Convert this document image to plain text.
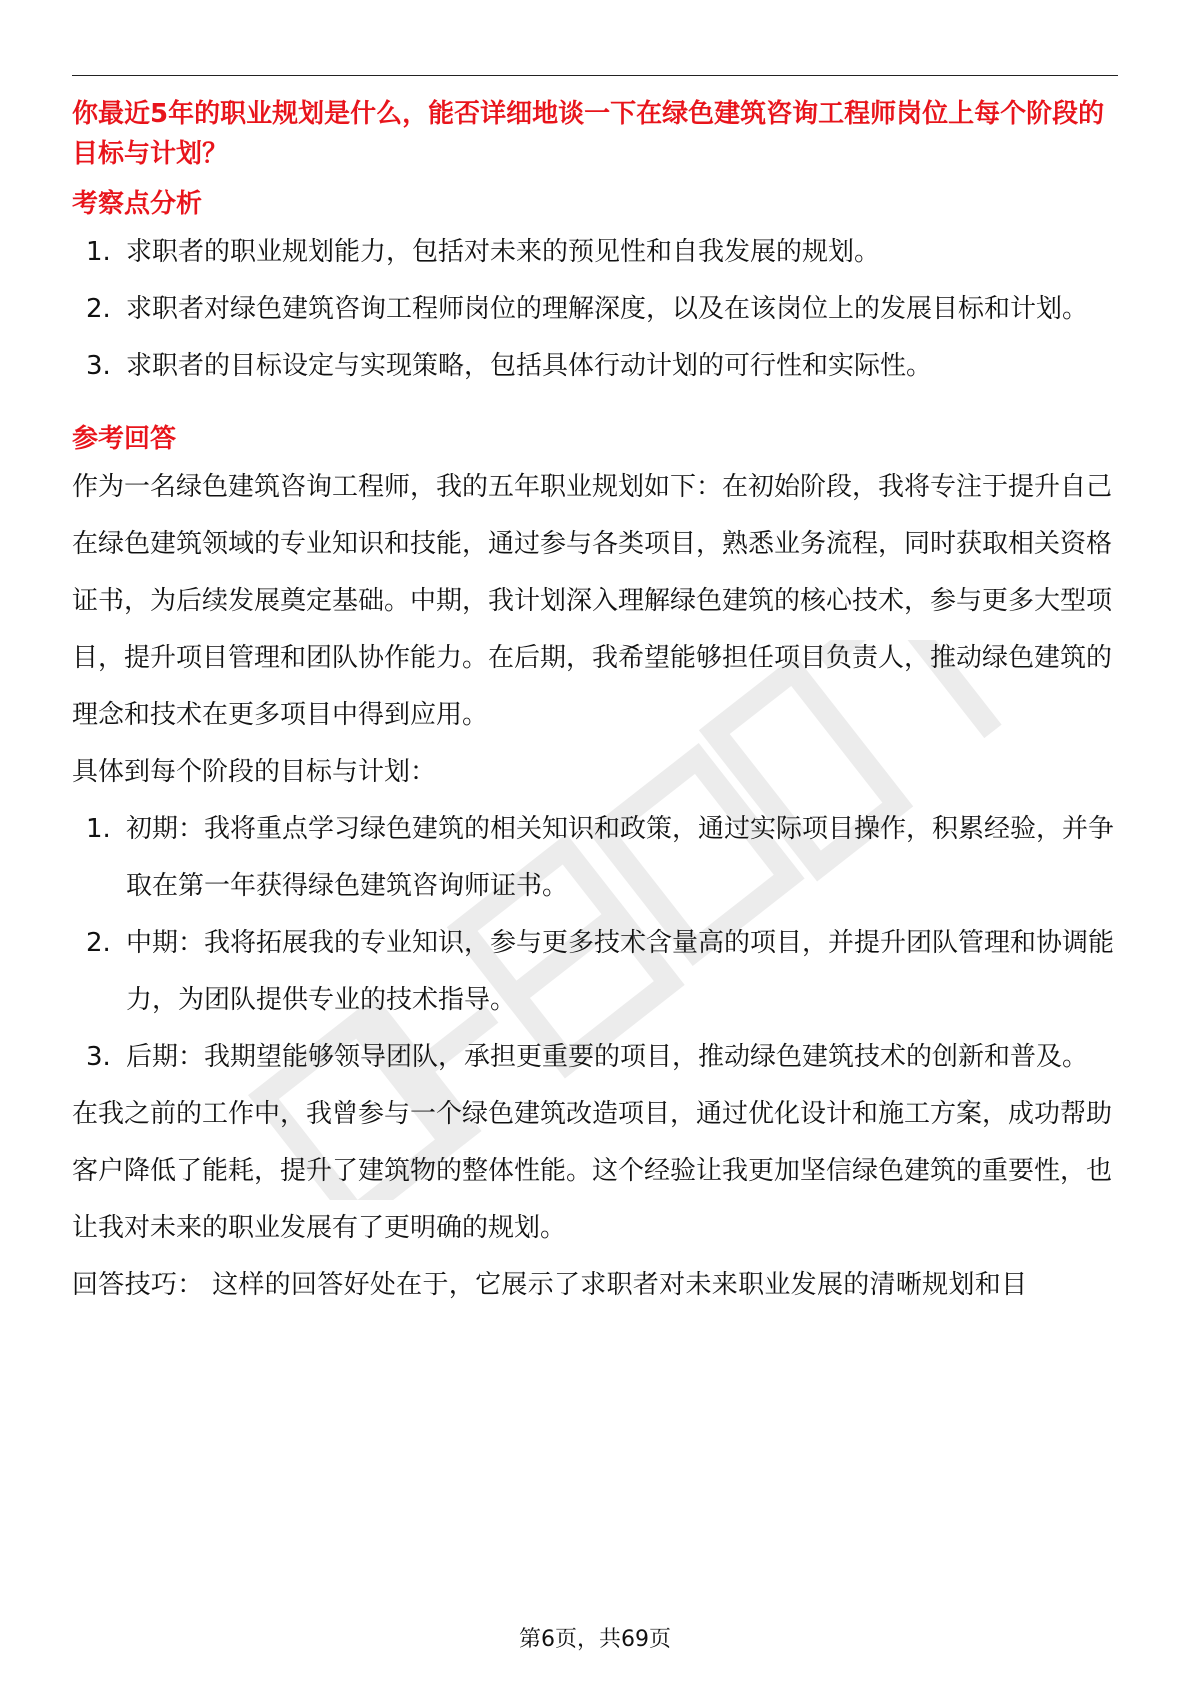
你最近5年的职业规划是什么，能否详细地谈一下在绿色建筑咨询工程师岗位上每个阶段的目标与计划？

考察点分析
1. 求职者的职业规划能力，包括对未来的预见性和自我发展的规划。
2. 求职者对绿色建筑咨询工程师岗位的理解深度，以及在该岗位上的发展目标和计划。
3. 求职者的目标设定与实现策略，包括具体行动计划的可行性和实际性。
参考回答

作为一名绿色建筑咨询工程师，我的五年职业规划如下：在初始阶段，我将专注于提升自己在绿色建筑领域的专业知识和技能，通过参与各类项目，熟悉业务流程，同时获取相关资格证书，为后续发展奠定基础。中期，我计划深入理解绿色建筑的核心技术，参与更多大型项目，提升项目管理和团队协作能力。在后期，我希望能够担任项目负责人，推动绿色建筑的理念和技术在更多项目中得到应用。

具体到每个阶段的目标与计划：

1. 初期：我将重点学习绿色建筑的相关知识和政策，通过实际项目操作，积累经验，并争取在第一年获得绿色建筑咨询师证书。
2. 中期：我将拓展我的专业知识，参与更多技术含量高的项目，并提升团队管理和协调能力，为团队提供专业的技术指导。
3. 后期：我期望能够领导团队，承担更重要的项目，推动绿色建筑技术的创新和普及。

在我之前的工作中，我曾参与一个绿色建筑改造项目，通过优化设计和施工方案，成功帮助客户降低了能耗，提升了建筑物的整体性能。这个经验让我更加坚信绿色建筑的重要性，也让我对未来的职业发展有了更明确的规划。

回答技巧： 这样的回答好处在于，它展示了求职者对未来职业发展的清晰规划和目

第6页，共69页
